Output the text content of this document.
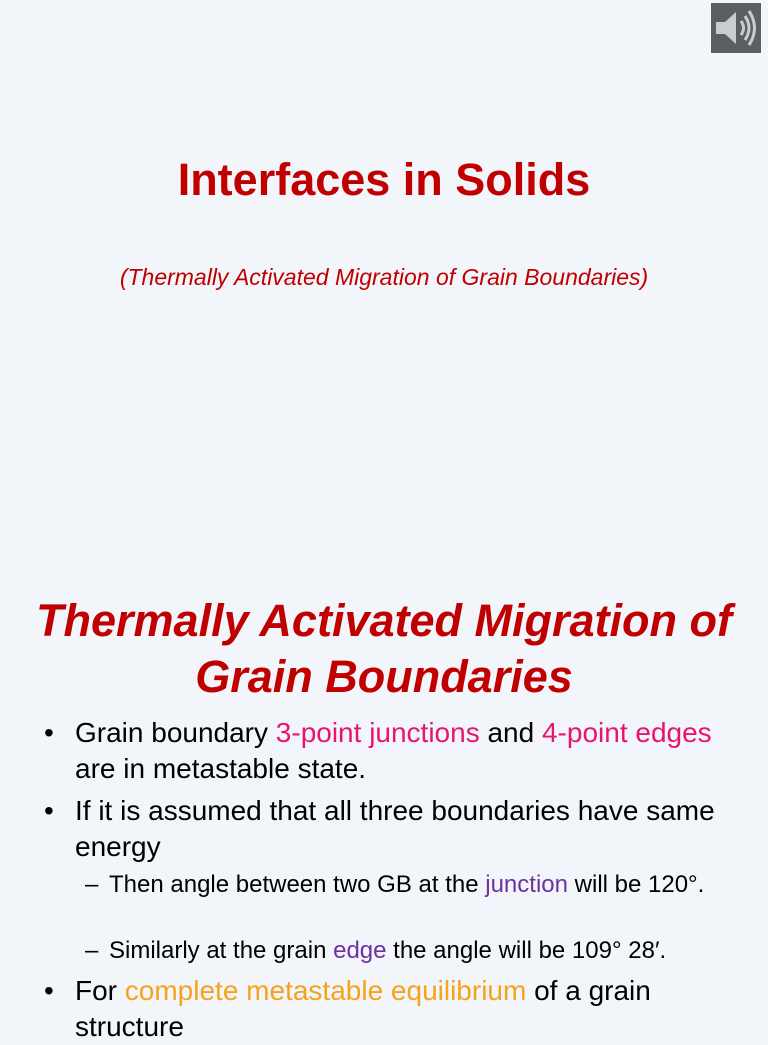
Interfaces in Solids

(Thermally Activated Migration of Grain Boundaries)

Thermally Activated Migration of Grain Boundaries
• Grain boundary 3-point junctions and 4-point edges are in metastable state.
• If it is assumed that all three boundaries have same energy
– Then angle between two GB at the junction will be 120°.
– Similarly at the grain edge the angle will be 109° 28′.
• For complete metastable equilibrium of a grain structure
